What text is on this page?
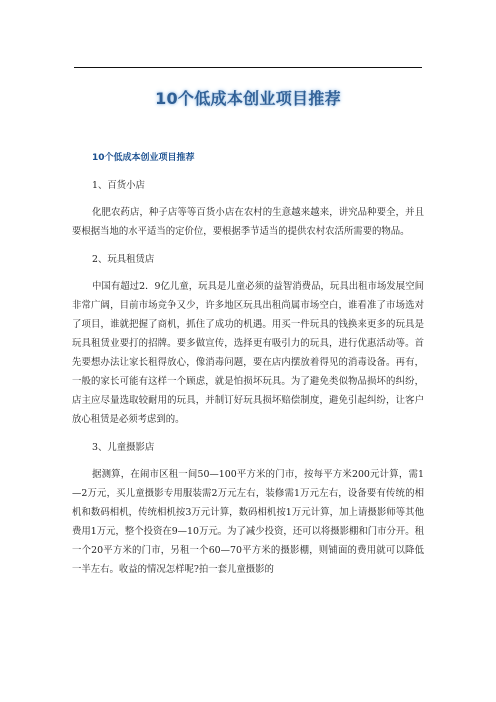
10个低成本创业项目推荐
10个低成本创业项目推荐
1、百货小店

化肥农药店，种子店等等百货小店在农村的生意越来越来，讲究品种要全，并且要根据当地的水平适当的定价位，要根据季节适当的提供农村农活所需要的物品。

2、玩具租赁店

中国有超过2．9亿儿童，玩具是儿童必须的益智消费品，玩具出租市场发展空间非常广阔，目前市场竞争又少，许多地区玩具出租尚属市场空白，谁看准了市场选对了项目，谁就把握了商机，抓住了成功的机遇。用买一件玩具的钱换来更多的玩具是玩具租赁业要打的招牌。要多做宣传，选择更有吸引力的玩具，进行优惠活动等。首先要想办法让家长租得放心，像消毒问题，要在店内摆放着得见的消毒设备。再有，一般的家长可能有这样一个顾虑，就是怕损坏玩具。为了避免类似物品损坏的纠纷，店主应尽量选取较耐用的玩具，并制订好玩具损坏赔偿制度，避免引起纠纷，让客户放心租赁是必须考虑到的。

3、儿童摄影店

据测算，在闹市区租一间50—100平方米的门市，按每平方米200元计算，需1—2万元，买儿童摄影专用服装需2万元左右，装修需1万元左右，设备要有传统的相机和数码相机，传统相机按3万元计算，数码相机按1万元计算，加上请摄影师等其他费用1万元，整个投资在9—10万元。为了减少投资，还可以将摄影棚和门市分开。租一个20平方米的门市，另租一个60—70平方米的摄影棚，则铺面的费用就可以降低一半左右。收益的情况怎样呢?拍一套儿童摄影的
